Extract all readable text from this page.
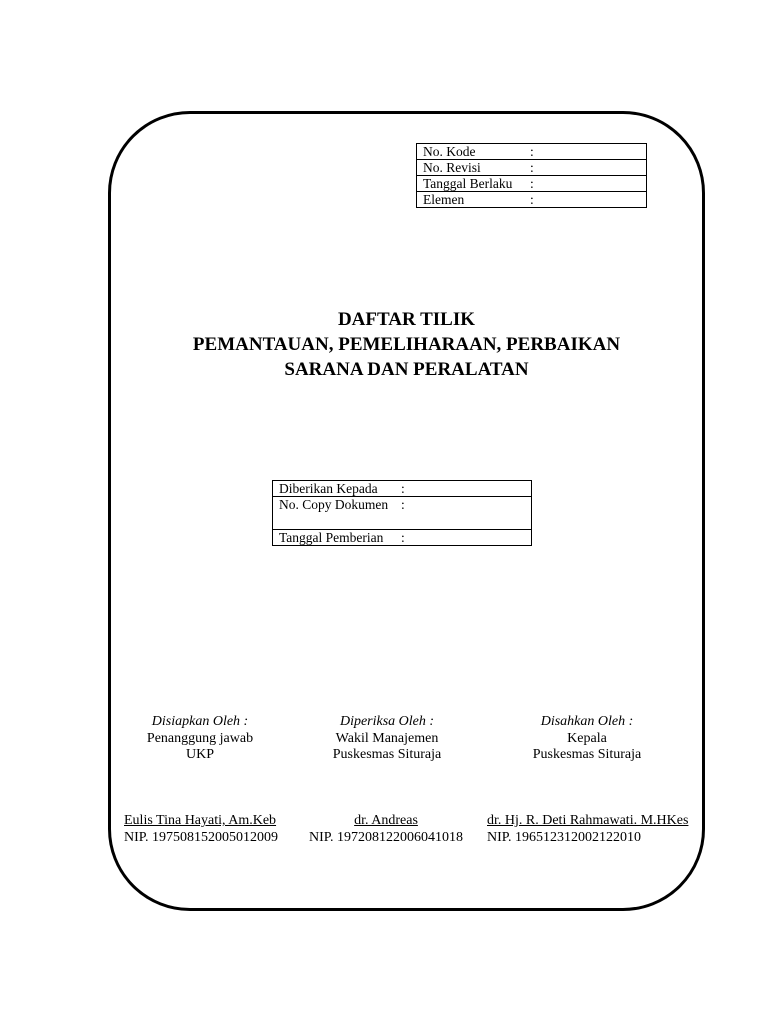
No. Kode	:
No. Revisi	:
Tanggal Berlaku	:
Elemen	:
DAFTAR TILIK
PEMANTAUAN, PEMELIHARAAN, PERBAIKAN
SARANA DAN PERALATAN
Diberikan Kepada	:
No. Copy Dokumen	:
Tanggal Pemberian	:
Disiapkan Oleh :
Penanggung jawab
UKP
Diperiksa Oleh :
Wakil Manajemen
Puskesmas Situraja
Disahkan Oleh :
Kepala
Puskesmas Situraja
Eulis Tina Hayati, Am.Keb
NIP. 197508152005012009
dr. Andreas
NIP. 197208122006041018
dr. Hj. R. Deti Rahmawati. M.HKes
NIP. 196512312002122010
